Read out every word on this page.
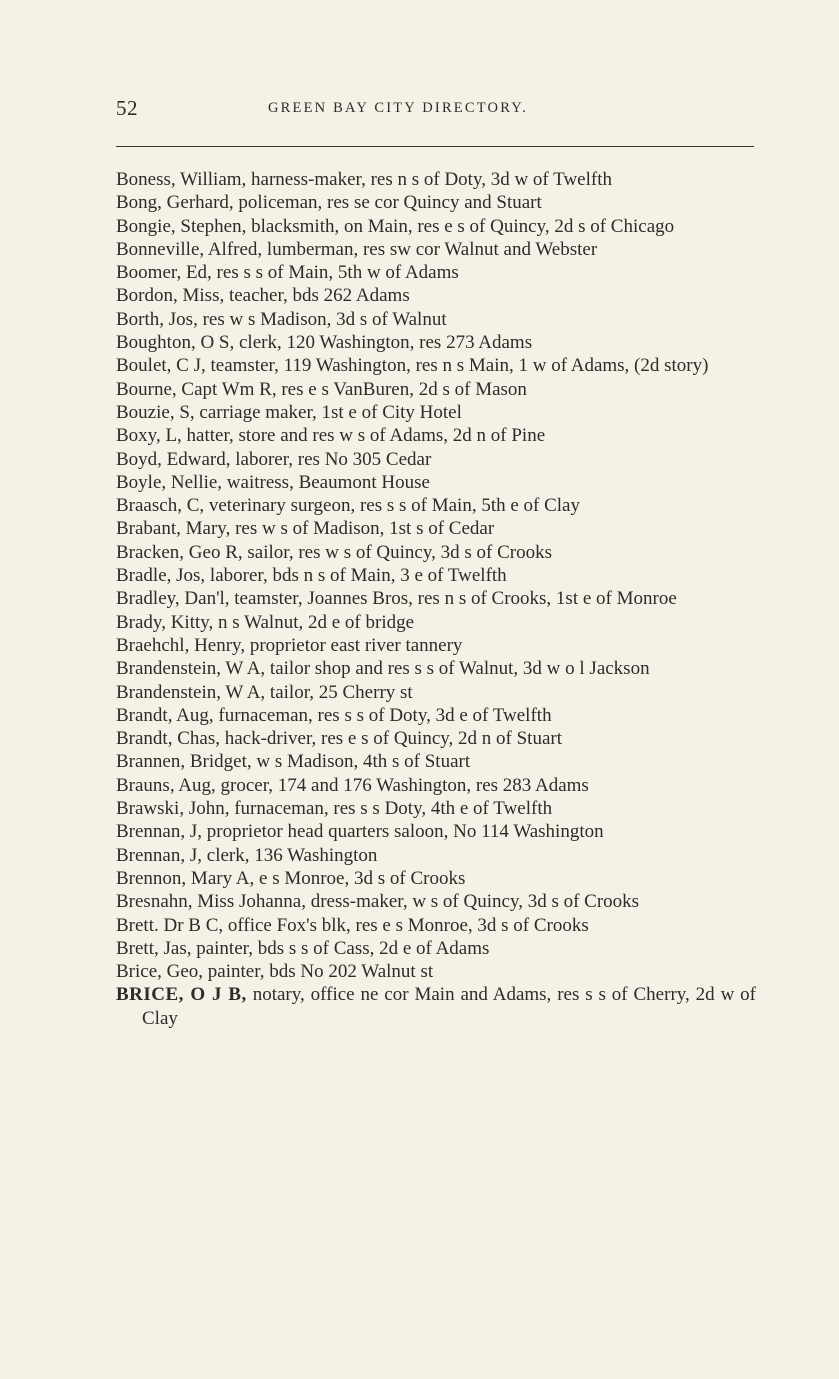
52	GREEN BAY CITY DIRECTORY.
Boness, William, harness-maker, res n s of Doty, 3d w of Twelfth
Bong, Gerhard, policeman, res se cor Quincy and Stuart
Bongie, Stephen, blacksmith, on Main, res e s of Quincy, 2d s of Chicago
Bonneville, Alfred, lumberman, res sw cor Walnut and Webster
Boomer, Ed, res s s of Main, 5th w of Adams
Bordon, Miss, teacher, bds 262 Adams
Borth, Jos, res w s Madison, 3d s of Walnut
Boughton, O S, clerk, 120 Washington, res 273 Adams
Boulet, C J, teamster, 119 Washington, res n s Main, 1 w of Adams, (2d story)
Bourne, Capt Wm R, res e s VanBuren, 2d s of Mason
Bouzie, S, carriage maker, 1st e of City Hotel
Boxy, L, hatter, store and res w s of Adams, 2d n of Pine
Boyd, Edward, laborer, res No 305 Cedar
Boyle, Nellie, waitress, Beaumont House
Braasch, C, veterinary surgeon, res s s of Main, 5th e of Clay
Brabant, Mary, res w s of Madison, 1st s of Cedar
Bracken, Geo R, sailor, res w s of Quincy, 3d s of Crooks
Bradle, Jos, laborer, bds n s of Main, 3 e of Twelfth
Bradley, Dan'l, teamster, Joannes Bros, res n s of Crooks, 1st e of Monroe
Brady, Kitty, n s Walnut, 2d e of bridge
Braehchl, Henry, proprietor east river tannery
Brandenstein, W A, tailor shop and res s s of Walnut, 3d w o l Jackson
Brandenstein, W A, tailor, 25 Cherry st
Brandt, Aug, furnaceman, res s s of Doty, 3d e of Twelfth
Brandt, Chas, hack-driver, res e s of Quincy, 2d n of Stuart
Brannen, Bridget, w s Madison, 4th s of Stuart
Brauns, Aug, grocer, 174 and 176 Washington, res 283 Adams
Brawski, John, furnaceman, res s s Doty, 4th e of Twelfth
Brennan, J, proprietor head quarters saloon, No 114 Washington
Brennan, J, clerk, 136 Washington
Brennon, Mary A, e s Monroe, 3d s of Crooks
Bresnahn, Miss Johanna, dress-maker, w s of Quincy, 3d s of Crooks
Brett. Dr B C, office Fox's blk, res e s Monroe, 3d s of Crooks
Brett, Jas, painter, bds s s of Cass, 2d e of Adams
Brice, Geo, painter, bds No 202 Walnut st
BRICE, O J B, notary, office ne cor Main and Adams, res s s of Cherry, 2d w of Clay
